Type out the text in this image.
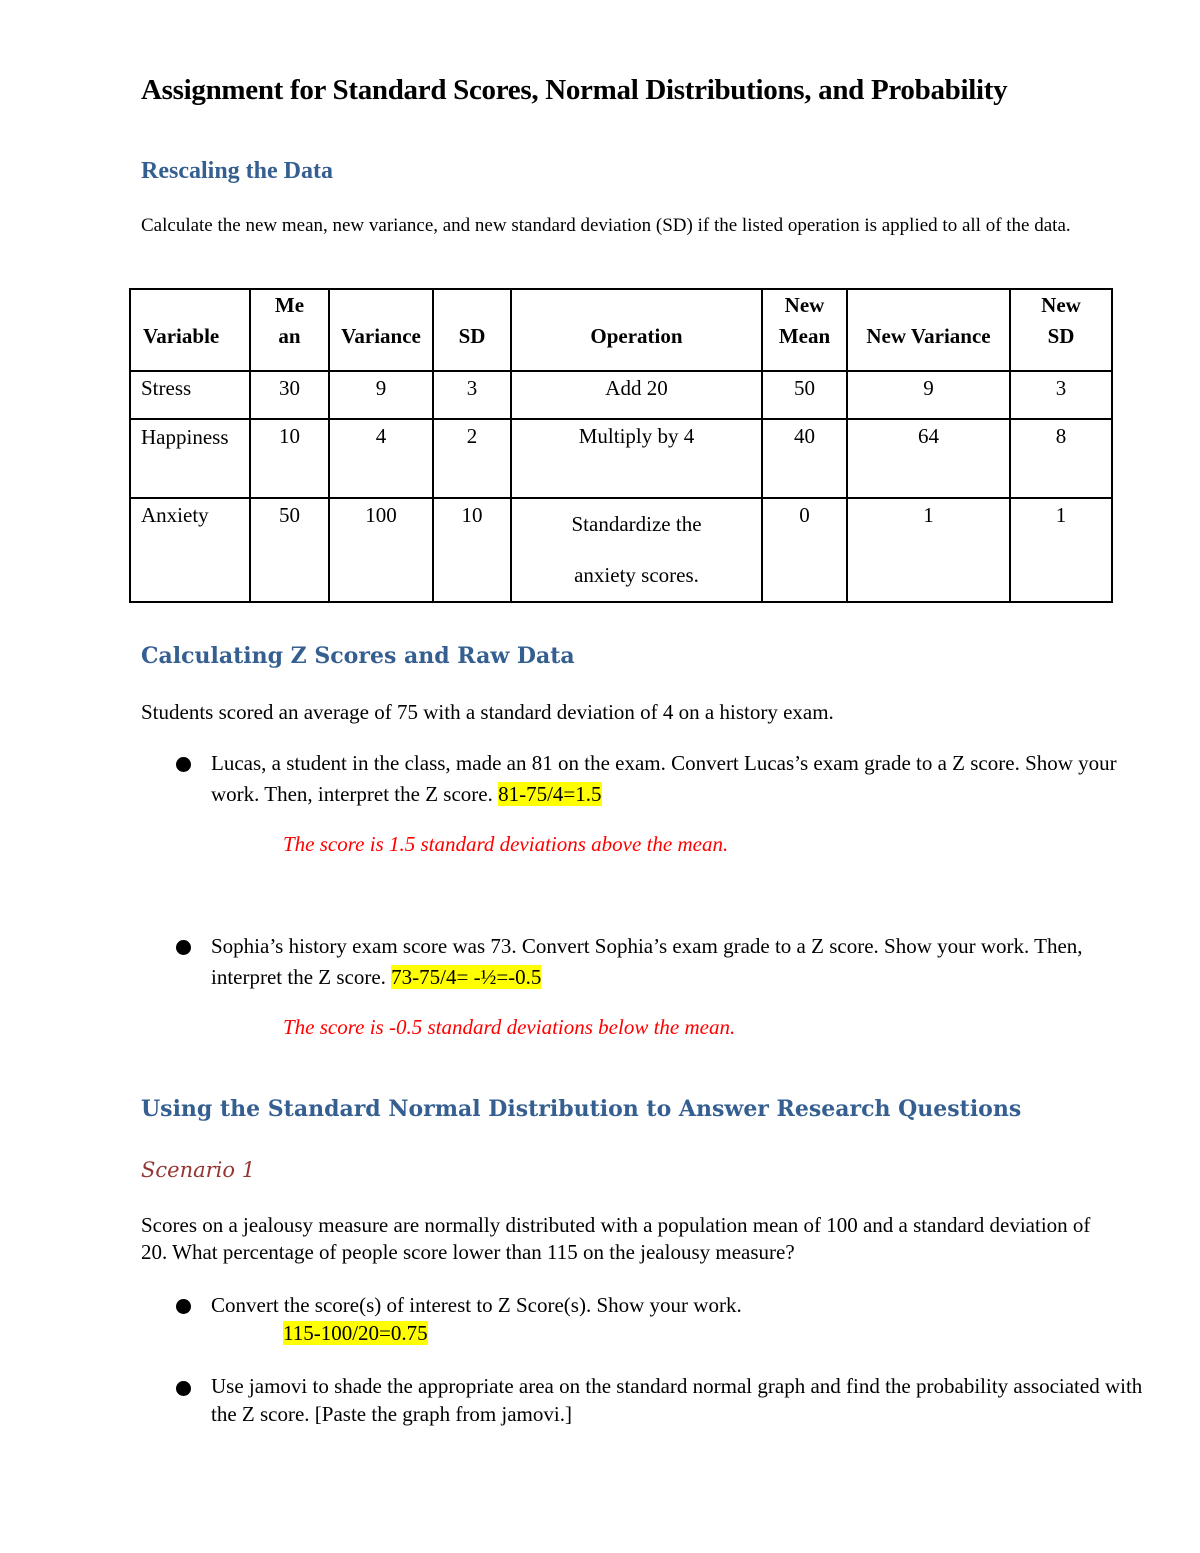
Assignment for Standard Scores, Normal Distributions, and Probability
Rescaling the Data

Calculate the new mean, new variance, and new standard deviation (SD) if the listed operation is applied to all of the data.

Variable	Mean	Variance	SD	Operation	New Mean	New Variance	New SD
Stress	30	9	3	Add 20	50	9	3
Happiness	10	4	2	Multiply by 4	40	64	8
Anxiety	50	100	10	Standardize the anxiety scores.	0	1	1
Calculating Z Scores and Raw Data

Students scored an average of 75 with a standard deviation of 4 on a history exam.

Lucas, a student in the class, made an 81 on the exam. Convert Lucas’s exam grade to a Z score. Show your work. Then, interpret the Z score. 81-75/4=1.5

The score is 1.5 standard deviations above the mean.

Sophia’s history exam score was 73. Convert Sophia’s exam grade to a Z score. Show your work. Then, interpret the Z score. 73-75/4= -½=-0.5

The score is -0.5 standard deviations below the mean.

Using the Standard Normal Distribution to Answer Research Questions

Scenario 1

Scores on a jealousy measure are normally distributed with a population mean of 100 and a standard deviation of 20. What percentage of people score lower than 115 on the jealousy measure?

Convert the score(s) of interest to Z Score(s). Show your work.

115-100/20=0.75

Use jamovi to shade the appropriate area on the standard normal graph and find the probability associated with the Z score. [Paste the graph from jamovi.]
